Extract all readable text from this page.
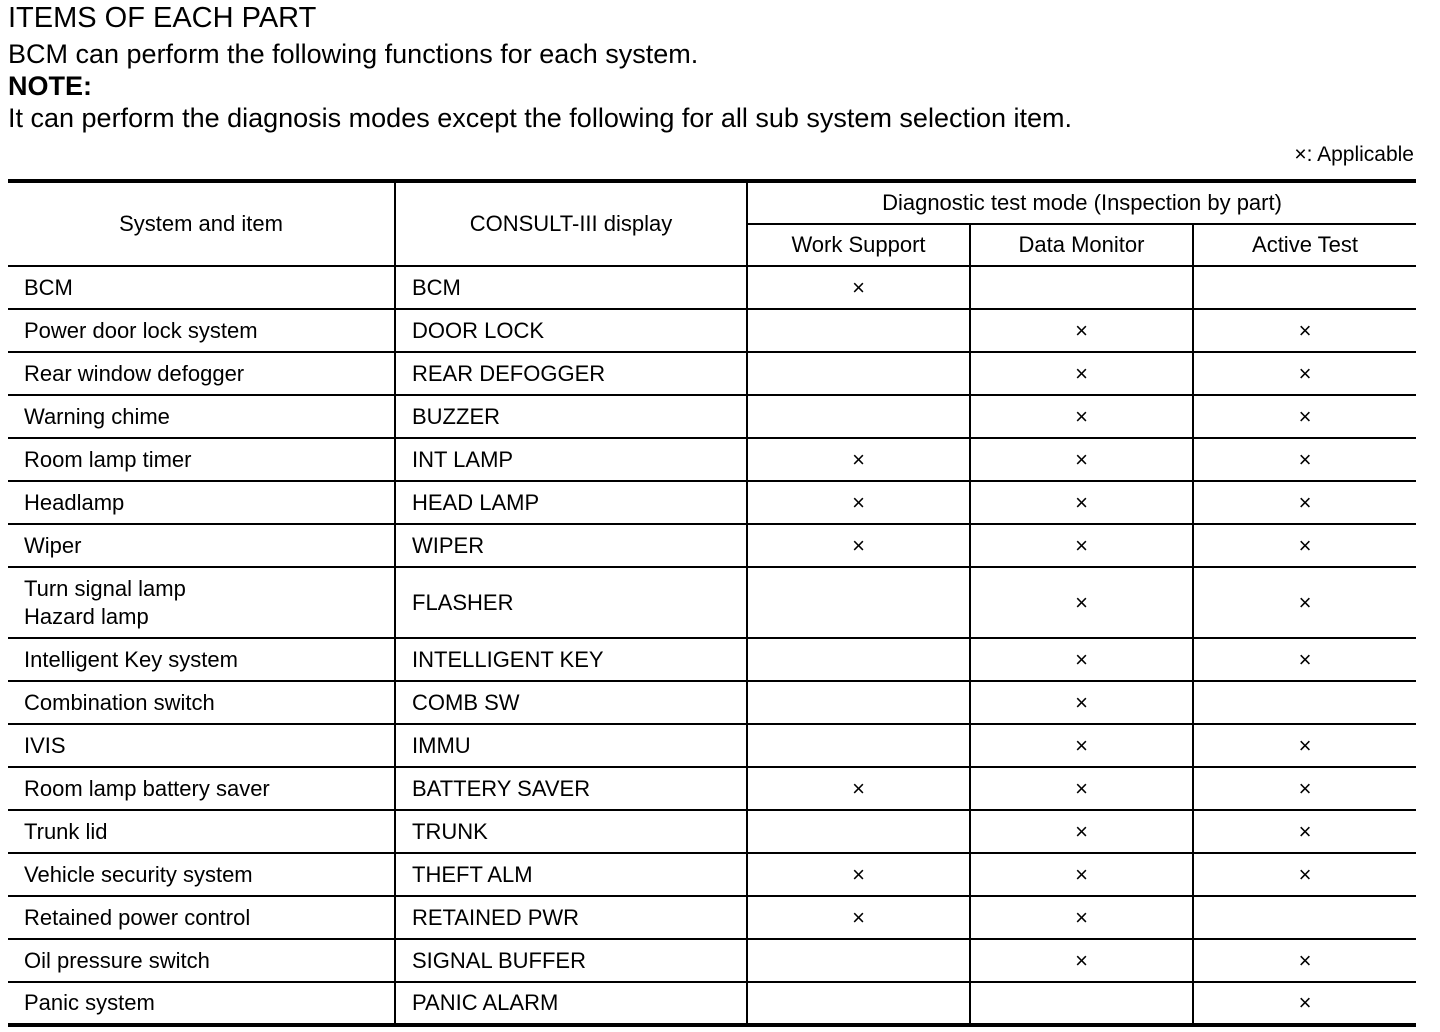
ITEMS OF EACH PART
BCM can perform the following functions for each system.
NOTE:
It can perform the diagnosis modes except the following for all sub system selection item.
×: Applicable
System and item	CONSULT-III display	Diagnostic test mode (Inspection by part)		
		Work Support	Data Monitor	Active Test
BCM	BCM	×		
Power door lock system	DOOR LOCK		×	×
Rear window defogger	REAR DEFOGGER		×	×
Warning chime	BUZZER		×	×
Room lamp timer	INT LAMP	×	×	×
Headlamp	HEAD LAMP	×	×	×
Wiper	WIPER	×	×	×

Turn signal lamp
Hazard lamp	FLASHER		×	×
Intelligent Key system	INTELLIGENT KEY		×	×
Combination switch	COMB SW		×	
IVIS	IMMU		×	×
Room lamp battery saver	BATTERY SAVER	×	×	×
Trunk lid	TRUNK		×	×
Vehicle security system	THEFT ALM	×	×	×
Retained power control	RETAINED PWR	×	×	
Oil pressure switch	SIGNAL BUFFER		×	×
Panic system	PANIC ALARM			×
